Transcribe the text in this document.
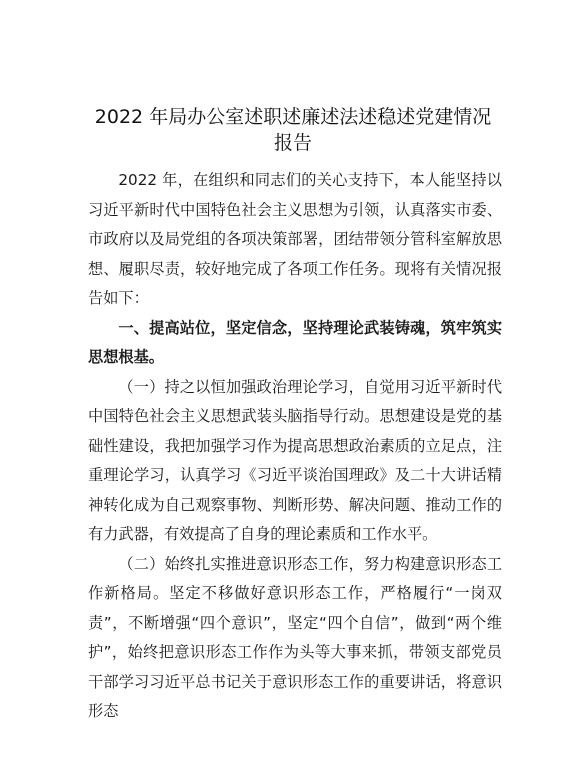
2022 年局办公室述职述廉述法述稳述党建情况
报告

2022 年，在组织和同志们的关心支持下，本人能坚持以习近平新时代中国特色社会主义思想为引领，认真落实市委、市政府以及局党组的各项决策部署，团结带领分管科室解放思想、履职尽责，较好地完成了各项工作任务。现将有关情况报告如下：

一、提高站位，坚定信念，坚持理论武装铸魂，筑牢筑实思想根基。

（一）持之以恒加强政治理论学习，自觉用习近平新时代中国特色社会主义思想武装头脑指导行动。思想建设是党的基础性建设，我把加强学习作为提高思想政治素质的立足点，注重理论学习，认真学习《习近平谈治国理政》及二十大讲话精神转化成为自己观察事物、判断形势、解决问题、推动工作的有力武器，有效提高了自身的理论素质和工作水平。

（二）始终扎实推进意识形态工作，努力构建意识形态工作新格局。坚定不移做好意识形态工作，严格履行“一岗双责”，不断增强“四个意识”，坚定“四个自信”，做到“两个维护”，始终把意识形态工作作为头等大事来抓，带领支部党员干部学习习近平总书记关于意识形态工作的重要讲话，将意识形态
